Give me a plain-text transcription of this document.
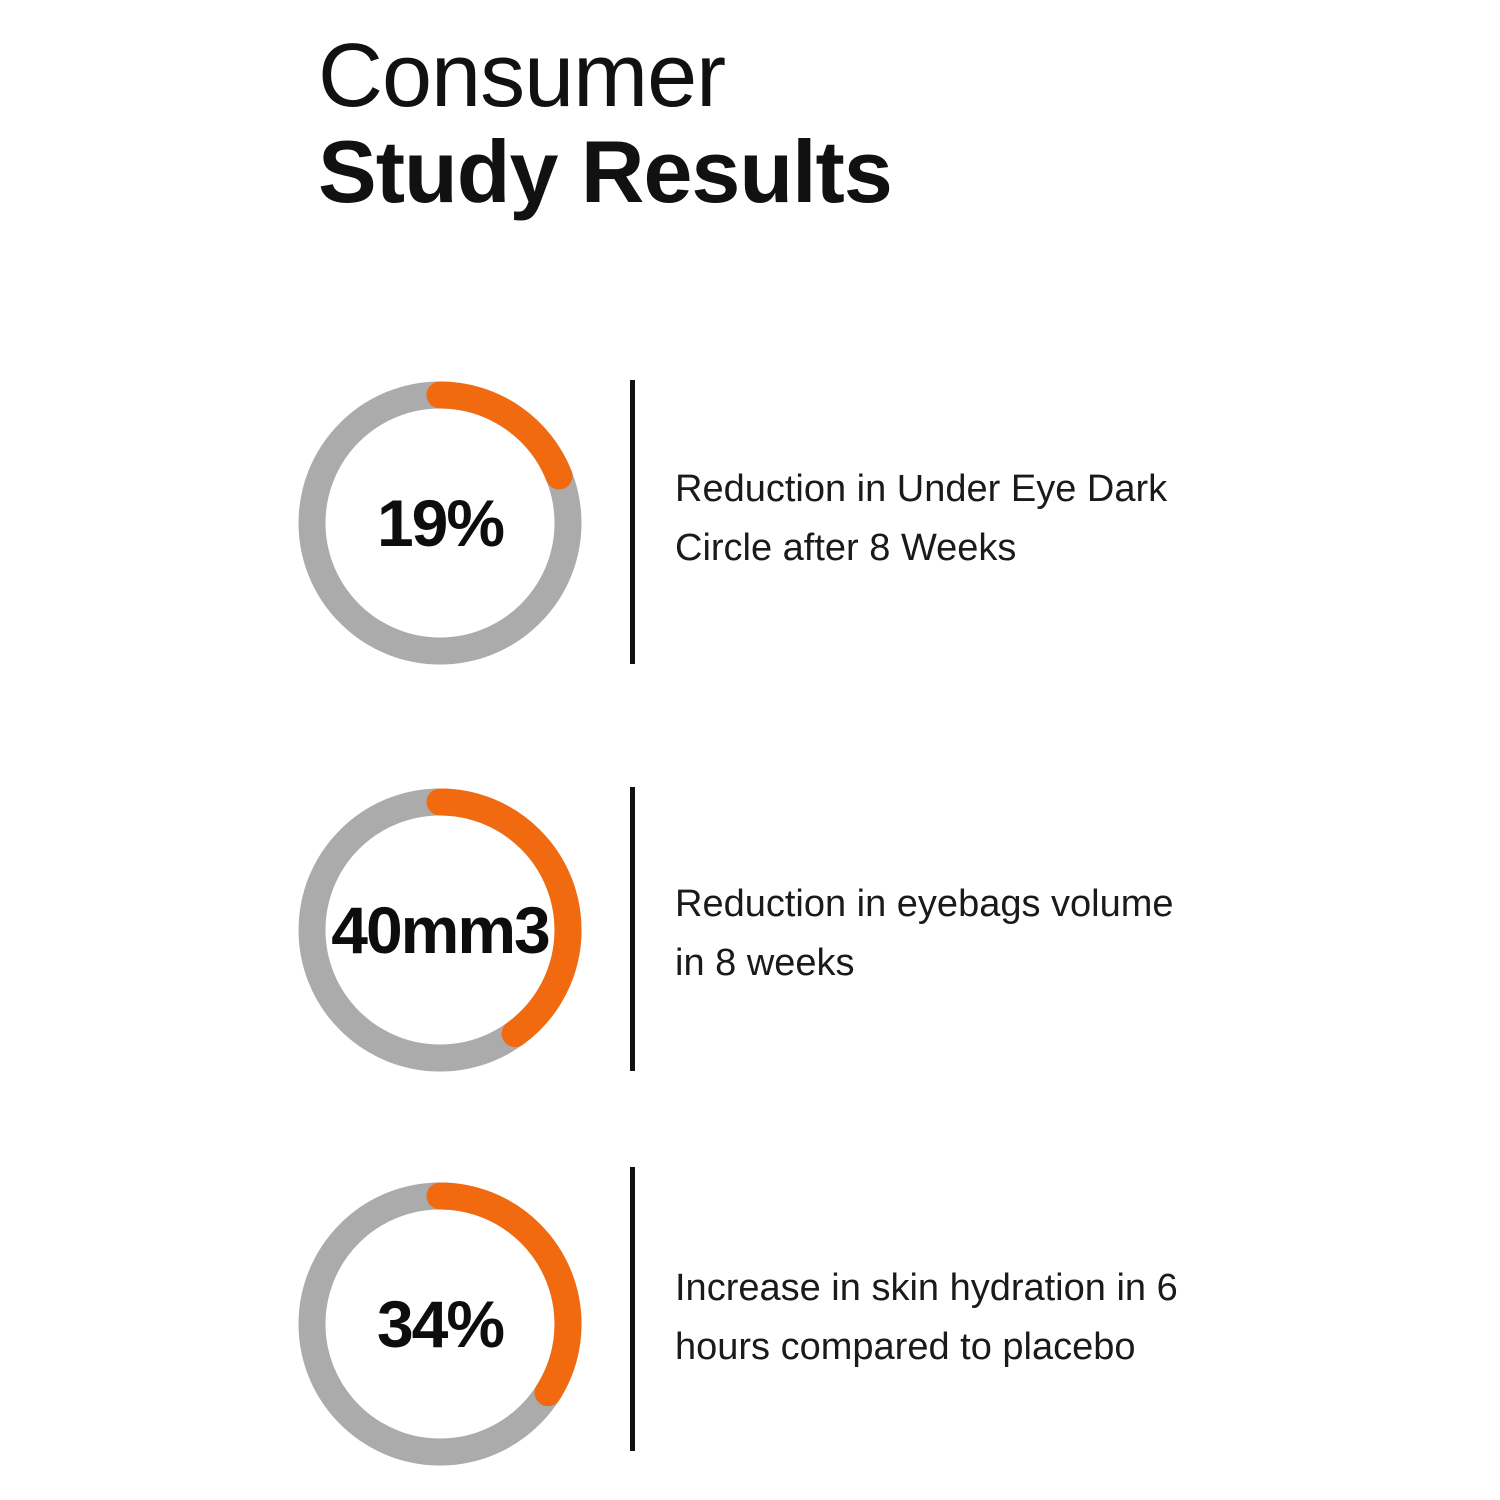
Consumer

Study Results

19%	Reduction in Under Eye Dark
Circle after 8 Weeks
40mm3	Reduction in eyebags volume
in 8 weeks
34%	Increase in skin hydration in 6
hours compared to placebo
